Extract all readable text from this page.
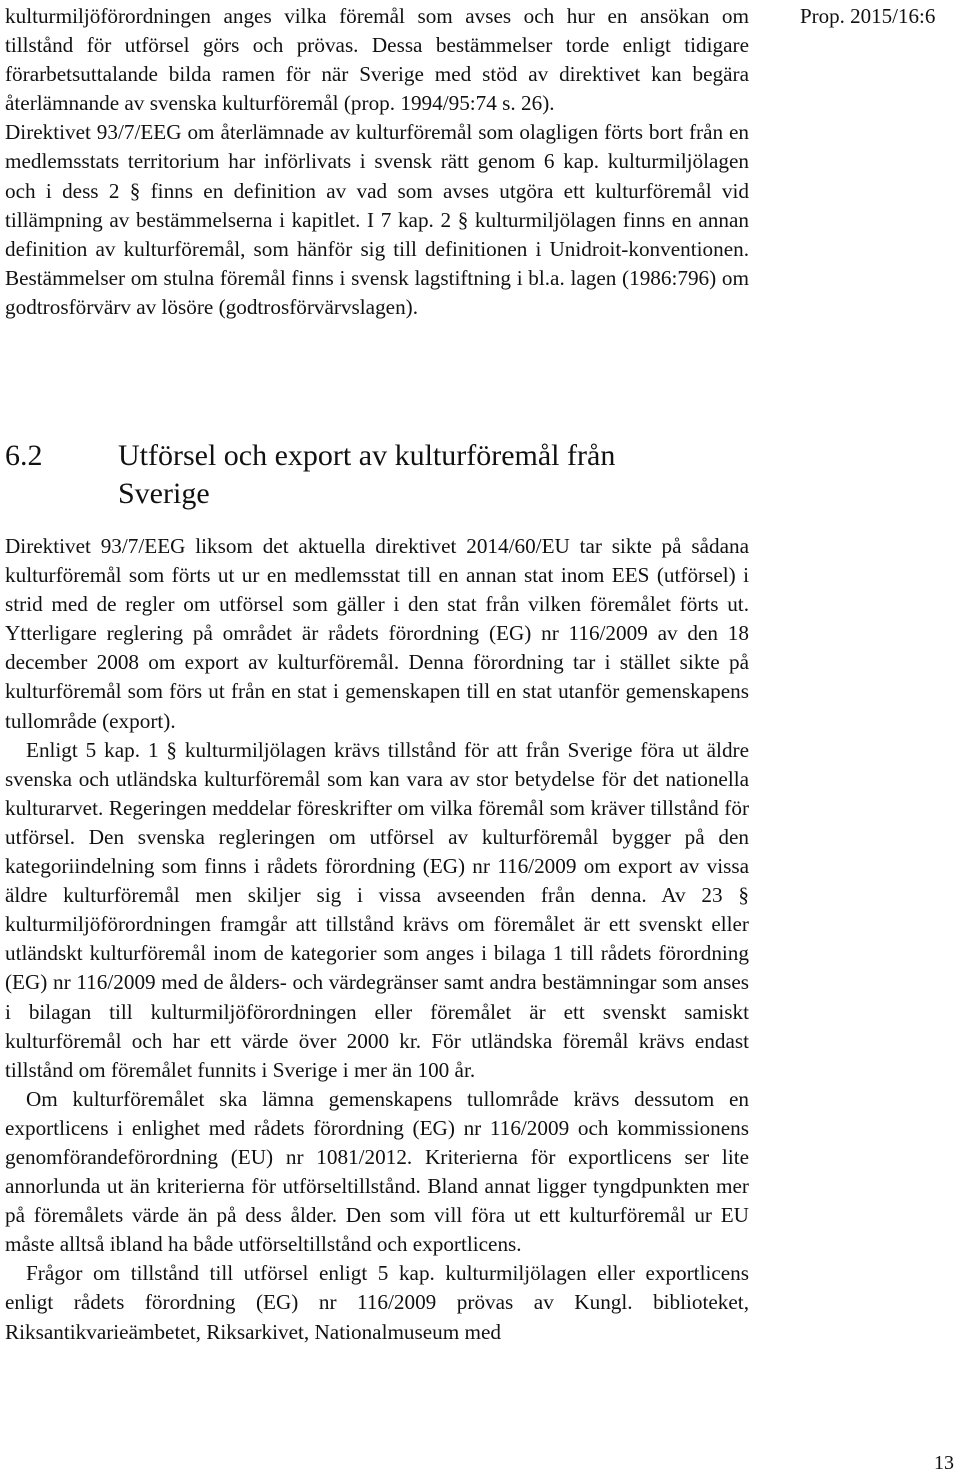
Prop. 2015/16:6

kulturmiljöförordningen anges vilka föremål som avses och hur en ansökan om tillstånd för utförsel görs och prövas. Dessa bestämmelser torde enligt tidigare förarbetsuttalande bilda ramen för när Sverige med stöd av direktivet kan begära återlämnande av svenska kulturföremål (prop. 1994/95:74 s. 26).

Direktivet 93/7/EEG om återlämnade av kulturföremål som olagligen förts bort från en medlemsstats territorium har införlivats i svensk rätt genom 6 kap. kulturmiljölagen och i dess 2 § finns en definition av vad som avses utgöra ett kulturföremål vid tillämpning av bestämmelserna i kapitlet. I 7 kap. 2 § kulturmiljölagen finns en annan definition av kulturföremål, som hänför sig till definitionen i Unidroit-konventionen. Bestämmelser om stulna föremål finns i svensk lagstiftning i bl.a. lagen (1986:796) om godtrosförvärv av lösöre (godtrosförvärvslagen).

6.2	Utförsel och export av kulturföremål från Sverige

Direktivet 93/7/EEG liksom det aktuella direktivet 2014/60/EU tar sikte på sådana kulturföremål som förts ut ur en medlemsstat till en annan stat inom EES (utförsel) i strid med de regler om utförsel som gäller i den stat från vilken föremålet förts ut. Ytterligare reglering på området är rådets förordning (EG) nr 116/2009 av den 18 december 2008 om export av kulturföremål. Denna förordning tar i stället sikte på kulturföremål som förs ut från en stat i gemenskapen till en stat utanför gemenskapens tullområde (export).

Enligt 5 kap. 1 § kulturmiljölagen krävs tillstånd för att från Sverige föra ut äldre svenska och utländska kulturföremål som kan vara av stor betydelse för det nationella kulturarvet. Regeringen meddelar föreskrifter om vilka föremål som kräver tillstånd för utförsel. Den svenska regleringen om utförsel av kulturföremål bygger på den kategoriindelning som finns i rådets förordning (EG) nr 116/2009 om export av vissa äldre kulturföremål men skiljer sig i vissa avseenden från denna. Av 23 § kulturmiljöförordningen framgår att tillstånd krävs om föremålet är ett svenskt eller utländskt kulturföremål inom de kategorier som anges i bilaga 1 till rådets förordning (EG) nr 116/2009 med de ålders- och värdegränser samt andra bestämningar som anses i bilagan till kulturmiljöförordningen eller föremålet är ett svenskt samiskt kulturföremål och har ett värde över 2000 kr. För utländska föremål krävs endast tillstånd om föremålet funnits i Sverige i mer än 100 år.

Om kulturföremålet ska lämna gemenskapens tullområde krävs dessutom en exportlicens i enlighet med rådets förordning (EG) nr 116/2009 och kommissionens genomförandeförordning (EU) nr 1081/2012. Kriterierna för exportlicens ser lite annorlunda ut än kriterierna för utförseltillstånd. Bland annat ligger tyngdpunkten mer på föremålets värde än på dess ålder. Den som vill föra ut ett kulturföremål ur EU måste alltså ibland ha både utförseltillstånd och exportlicens.

Frågor om tillstånd till utförsel enligt 5 kap. kulturmiljölagen eller exportlicens enligt rådets förordning (EG) nr 116/2009 prövas av Kungl. biblioteket, Riksantikvarieämbetet, Riksarkivet, Nationalmuseum med

13
